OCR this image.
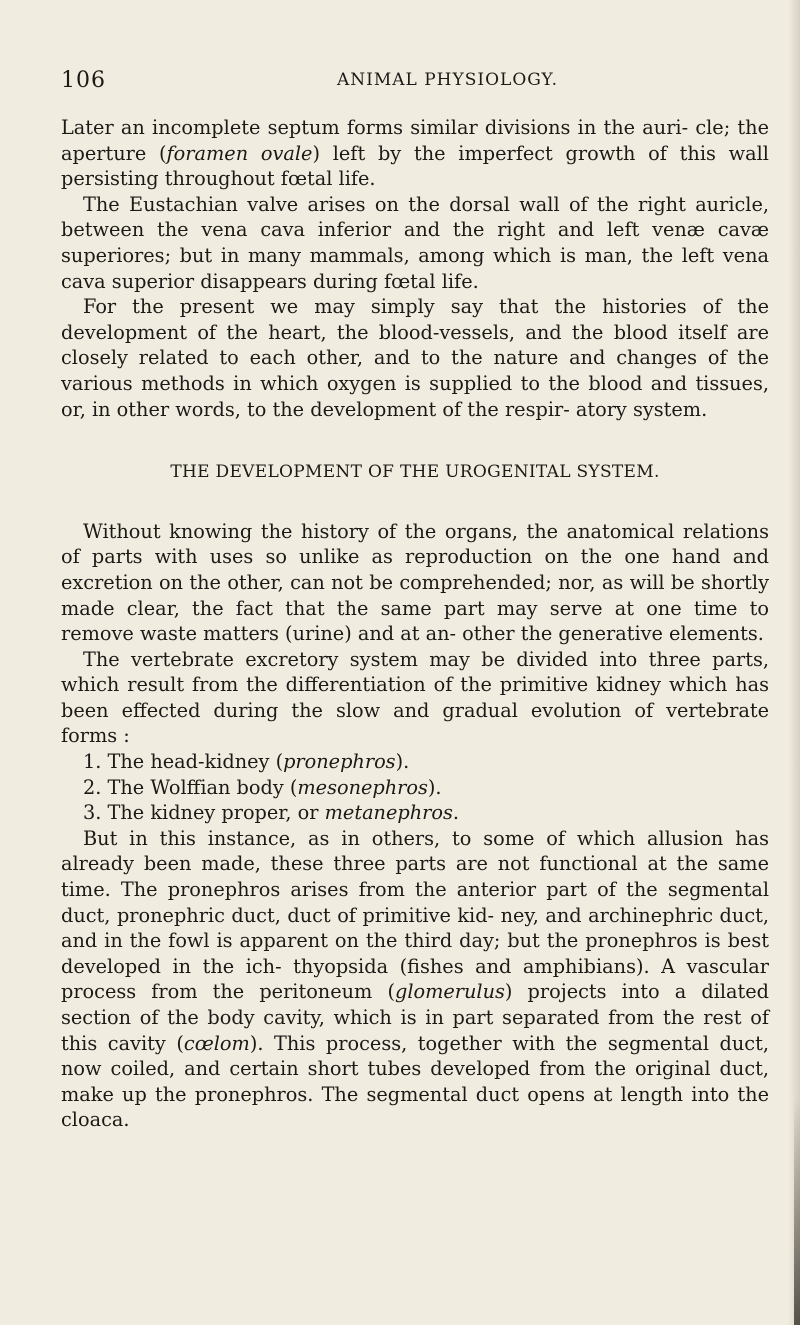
106	ANIMAL PHYSIOLOGY.

Later an incomplete septum forms similar divisions in the auri- cle; the aperture (foramen ovale) left by the imperfect growth of this wall persisting throughout fœtal life.

The Eustachian valve arises on the dorsal wall of the right auricle, between the vena cava inferior and the right and left venæ cavæ superiores; but in many mammals, among which is man, the left vena cava superior disappears during fœtal life.

For the present we may simply say that the histories of the development of the heart, the blood-vessels, and the blood itself are closely related to each other, and to the nature and changes of the various methods in which oxygen is supplied to the blood and tissues, or, in other words, to the development of the respir- atory system.

THE DEVELOPMENT OF THE UROGENITAL SYSTEM.

Without knowing the history of the organs, the anatomical relations of parts with uses so unlike as reproduction on the one hand and excretion on the other, can not be comprehended; nor, as will be shortly made clear, the fact that the same part may serve at one time to remove waste matters (urine) and at an- other the generative elements.

The vertebrate excretory system may be divided into three parts, which result from the differentiation of the primitive kidney which has been effected during the slow and gradual evolution of vertebrate forms :

1. The head-kidney (pronephros).

2. The Wolffian body (mesonephros).

3. The kidney proper, or metanephros.

But in this instance, as in others, to some of which allusion has already been made, these three parts are not functional at the same time. The pronephros arises from the anterior part of the segmental duct, pronephric duct, duct of primitive kid- ney, and archinephric duct, and in the fowl is apparent on the third day; but the pronephros is best developed in the ich- thyopsida (fishes and amphibians). A vascular process from the peritoneum (glomerulus) projects into a dilated section of the body cavity, which is in part separated from the rest of this cavity (cœlom). This process, together with the segmental duct, now coiled, and certain short tubes developed from the original duct, make up the pronephros. The segmental duct opens at length into the cloaca.
